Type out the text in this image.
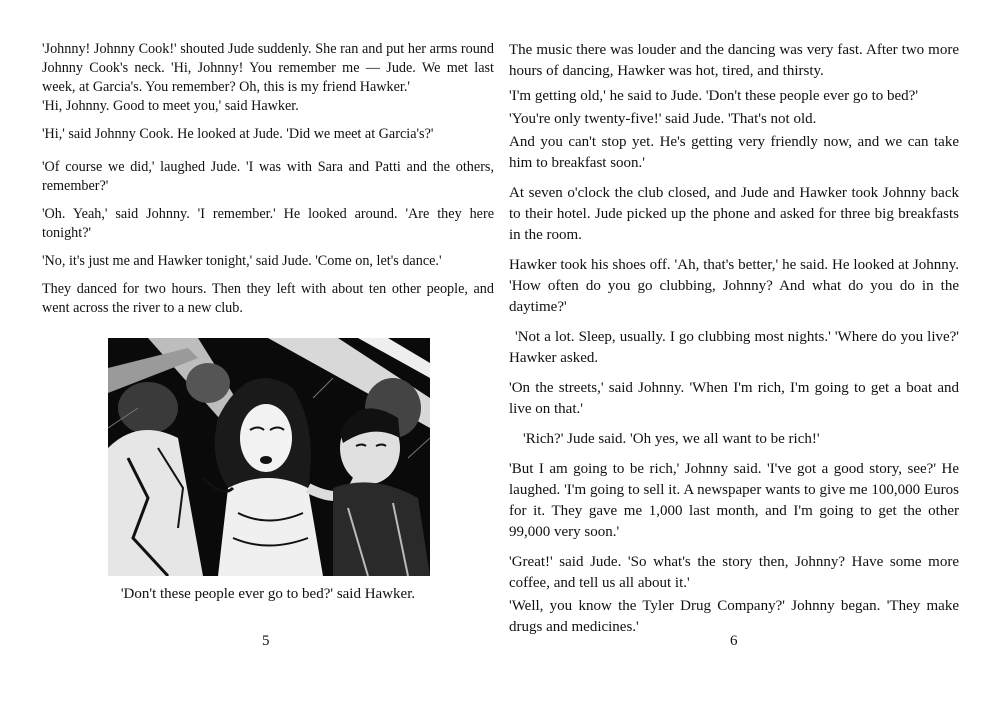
'Johnny! Johnny Cook!' shouted Jude suddenly. She ran and put her arms round Johnny Cook's neck. 'Hi, Johnny! You remember me — Jude. We met last week, at Garcia's. You remember? Oh, this is my friend Hawker.'

'Hi, Johnny. Good to meet you,' said Hawker.

'Hi,' said Johnny Cook. He looked at Jude. 'Did we meet at Garcia's?'

'Of course we did,' laughed Jude. 'I was with Sara and Patti and the others, remember?'

'Oh. Yeah,' said Johnny. 'I remember.' He looked around. 'Are they here tonight?'

'No, it's just me and Hawker tonight,' said Jude. 'Come on, let's dance.'

They danced for two hours. Then they left with about ten other people, and went across the river to a new club.

'Don't these people ever go to bed?' said Hawker.
5

The music there was louder and the dancing was very fast. After two more hours of dancing, Hawker was hot, tired, and thirsty.

'I'm getting old,' he said to Jude. 'Don't these people ever go to bed?'

'You're only twenty-five!' said Jude. 'That's not old.

And you can't stop yet. He's getting very friendly now, and we can take him to breakfast soon.'

At seven o'clock the club closed, and Jude and Hawker took Johnny back to their hotel. Jude picked up the phone and asked for three big breakfasts in the room.

Hawker took his shoes off. 'Ah, that's better,' he said. He looked at Johnny. 'How often do you go clubbing, Johnny? And what do you do in the daytime?'

'Not a lot. Sleep, usually. I go clubbing most nights.' 'Where do you live?' Hawker asked.

'On the streets,' said Johnny. 'When I'm rich, I'm going to get a boat and live on that.'

'Rich?' Jude said. 'Oh yes, we all want to be rich!'

'But I am going to be rich,' Johnny said. 'I've got a good story, see?' He laughed. 'I'm going to sell it. A newspaper wants to give me 100,000 Euros for it. They gave me 1,000 last month, and I'm going to get the other 99,000 very soon.'

'Great!' said Jude. 'So what's the story then, Johnny? Have some more coffee, and tell us all about it.'

'Well, you know the Tyler Drug Company?' Johnny began. 'They make drugs and medicines.'

6
